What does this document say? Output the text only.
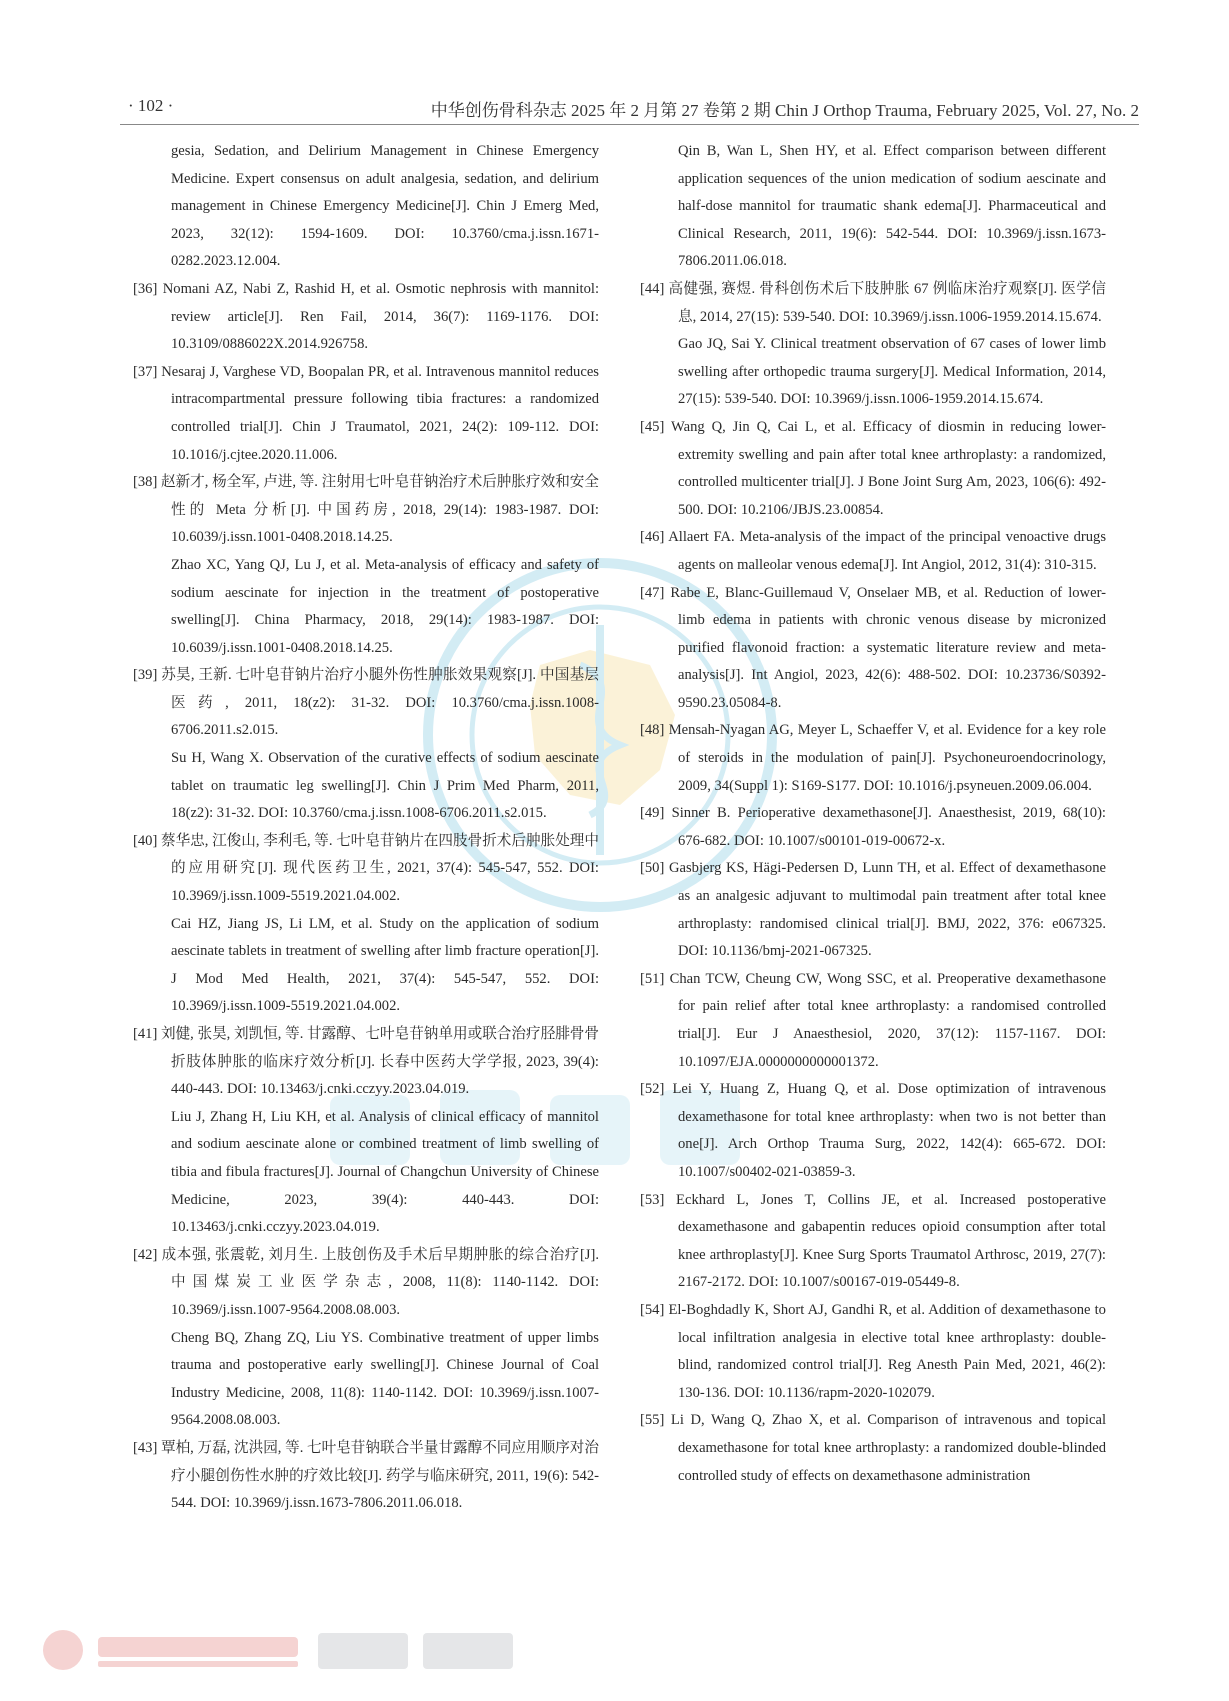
· 102 ·	中华创伤骨科杂志 2025 年 2 月第 27 卷第 2 期 Chin J Orthop Trauma, February 2025, Vol. 27, No. 2

gesia, Sedation, and Delirium Management in Chinese Emergency Medicine. Expert consensus on adult analgesia, sedation, and delirium management in Chinese Emergency Medicine[J]. Chin J Emerg Med, 2023, 32(12): 1594-1609. DOI: 10.3760/cma.j.issn.1671-0282.2023.12.004.

[36] Nomani AZ, Nabi Z, Rashid H, et al. Osmotic nephrosis with mannitol: review article[J]. Ren Fail, 2014, 36(7): 1169-1176. DOI: 10.3109/0886022X.2014.926758.

[37] Nesaraj J, Varghese VD, Boopalan PR, et al. Intravenous mannitol reduces intracompartmental pressure following tibia fractures: a randomized controlled trial[J]. Chin J Traumatol, 2021, 24(2): 109-112. DOI: 10.1016/j.cjtee.2020.11.006.

[38] 赵新才, 杨全军, 卢进, 等. 注射用七叶皂苷钠治疗术后肿胀疗效和安全性的 Meta 分析[J]. 中国药房, 2018, 29(14): 1983-1987. DOI: 10.6039/j.issn.1001-0408.2018.14.25.

Zhao XC, Yang QJ, Lu J, et al. Meta-analysis of efficacy and safety of sodium aescinate for injection in the treatment of postoperative swelling[J]. China Pharmacy, 2018, 29(14): 1983-1987. DOI: 10.6039/j.issn.1001-0408.2018.14.25.

[39] 苏昊, 王新. 七叶皂苷钠片治疗小腿外伤性肿胀效果观察[J]. 中国基层医药, 2011, 18(z2): 31-32. DOI: 10.3760/cma.j.issn.1008-6706.2011.s2.015.

Su H, Wang X. Observation of the curative effects of sodium aescinate tablet on traumatic leg swelling[J]. Chin J Prim Med Pharm, 2011, 18(z2): 31-32. DOI: 10.3760/cma.j.issn.1008-6706.2011.s2.015.

[40] 蔡华忠, 江俊山, 李利毛, 等. 七叶皂苷钠片在四肢骨折术后肿胀处理中的应用研究[J]. 现代医药卫生, 2021, 37(4): 545-547, 552. DOI: 10.3969/j.issn.1009-5519.2021.04.002.

Cai HZ, Jiang JS, Li LM, et al. Study on the application of sodium aescinate tablets in treatment of swelling after limb fracture operation[J]. J Mod Med Health, 2021, 37(4): 545-547, 552. DOI: 10.3969/j.issn.1009-5519.2021.04.002.

[41] 刘健, 张昊, 刘凯恒, 等. 甘露醇、七叶皂苷钠单用或联合治疗胫腓骨骨折肢体肿胀的临床疗效分析[J]. 长春中医药大学学报, 2023, 39(4): 440-443. DOI: 10.13463/j.cnki.cczyy.2023.04.019.

Liu J, Zhang H, Liu KH, et al. Analysis of clinical efficacy of mannitol and sodium aescinate alone or combined treatment of limb swelling of tibia and fibula fractures[J]. Journal of Changchun University of Chinese Medicine, 2023, 39(4): 440-443. DOI: 10.13463/j.cnki.cczyy.2023.04.019.

[42] 成本强, 张震乾, 刘月生. 上肢创伤及手术后早期肿胀的综合治疗[J]. 中国煤炭工业医学杂志, 2008, 11(8): 1140-1142. DOI: 10.3969/j.issn.1007-9564.2008.08.003.

Cheng BQ, Zhang ZQ, Liu YS. Combinative treatment of upper limbs trauma and postoperative early swelling[J]. Chinese Journal of Coal Industry Medicine, 2008, 11(8): 1140-1142. DOI: 10.3969/j.issn.1007-9564.2008.08.003.

[43] 覃柏, 万磊, 沈洪园, 等. 七叶皂苷钠联合半量甘露醇不同应用顺序对治疗小腿创伤性水肿的疗效比较[J]. 药学与临床研究, 2011, 19(6): 542-544. DOI: 10.3969/j.issn.1673-7806.2011.06.018.

Qin B, Wan L, Shen HY, et al. Effect comparison between different application sequences of the union medication of sodium aescinate and half-dose mannitol for traumatic shank edema[J]. Pharmaceutical and Clinical Research, 2011, 19(6): 542-544. DOI: 10.3969/j.issn.1673-7806.2011.06.018.

[44] 高健强, 赛煜. 骨科创伤术后下肢肿胀 67 例临床治疗观察[J]. 医学信息, 2014, 27(15): 539-540. DOI: 10.3969/j.issn.1006-1959.2014.15.674.

Gao JQ, Sai Y. Clinical treatment observation of 67 cases of lower limb swelling after orthopedic trauma surgery[J]. Medical Information, 2014, 27(15): 539-540. DOI: 10.3969/j.issn.1006-1959.2014.15.674.

[45] Wang Q, Jin Q, Cai L, et al. Efficacy of diosmin in reducing lower-extremity swelling and pain after total knee arthroplasty: a randomized, controlled multicenter trial[J]. J Bone Joint Surg Am, 2023, 106(6): 492-500. DOI: 10.2106/JBJS.23.00854.

[46] Allaert FA. Meta-analysis of the impact of the principal venoactive drugs agents on malleolar venous edema[J]. Int Angiol, 2012, 31(4): 310-315.

[47] Rabe E, Blanc-Guillemaud V, Onselaer MB, et al. Reduction of lower-limb edema in patients with chronic venous disease by micronized purified flavonoid fraction: a systematic literature review and meta-analysis[J]. Int Angiol, 2023, 42(6): 488-502. DOI: 10.23736/S0392-9590.23.05084-8.

[48] Mensah-Nyagan AG, Meyer L, Schaeffer V, et al. Evidence for a key role of steroids in the modulation of pain[J]. Psychoneuroendocrinology, 2009, 34(Suppl 1): S169-S177. DOI: 10.1016/j.psyneuen.2009.06.004.

[49] Sinner B. Perioperative dexamethasone[J]. Anaesthesist, 2019, 68(10): 676-682. DOI: 10.1007/s00101-019-00672-x.

[50] Gasbjerg KS, Hägi-Pedersen D, Lunn TH, et al. Effect of dexamethasone as an analgesic adjuvant to multimodal pain treatment after total knee arthroplasty: randomised clinical trial[J]. BMJ, 2022, 376: e067325. DOI: 10.1136/bmj-2021-067325.

[51] Chan TCW, Cheung CW, Wong SSC, et al. Preoperative dexamethasone for pain relief after total knee arthroplasty: a randomised controlled trial[J]. Eur J Anaesthesiol, 2020, 37(12): 1157-1167. DOI: 10.1097/EJA.0000000000001372.

[52] Lei Y, Huang Z, Huang Q, et al. Dose optimization of intravenous dexamethasone for total knee arthroplasty: when two is not better than one[J]. Arch Orthop Trauma Surg, 2022, 142(4): 665-672. DOI: 10.1007/s00402-021-03859-3.

[53] Eckhard L, Jones T, Collins JE, et al. Increased postoperative dexamethasone and gabapentin reduces opioid consumption after total knee arthroplasty[J]. Knee Surg Sports Traumatol Arthrosc, 2019, 27(7): 2167-2172. DOI: 10.1007/s00167-019-05449-8.

[54] El-Boghdadly K, Short AJ, Gandhi R, et al. Addition of dexamethasone to local infiltration analgesia in elective total knee arthroplasty: double-blind, randomized control trial[J]. Reg Anesth Pain Med, 2021, 46(2): 130-136. DOI: 10.1136/rapm-2020-102079.

[55] Li D, Wang Q, Zhao X, et al. Comparison of intravenous and topical dexamethasone for total knee arthroplasty: a randomized double-blinded controlled study of effects on dexamethasone administration
